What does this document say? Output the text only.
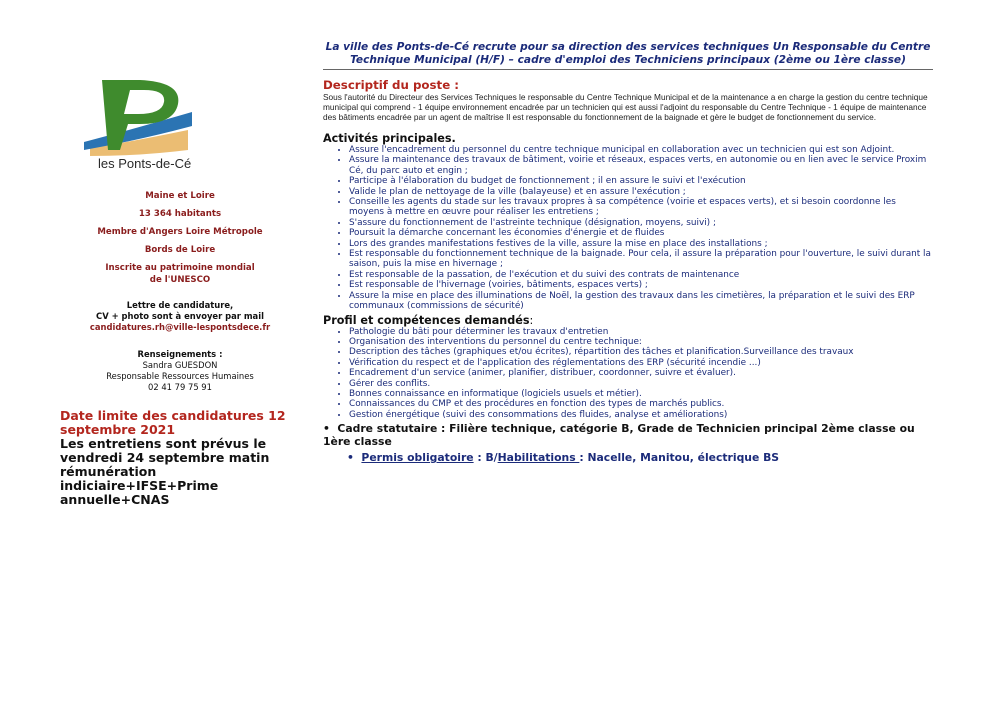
les Ponts-de-Cé
Maine et Loire
13 364 habitants
Membre d'Angers Loire Métropole
Bords de Loire
Inscrite au patrimoine mondial de l'UNESCO
Lettre de candidature,
CV + photo sont à envoyer par mail
candidatures.rh@ville-lespontsdece.fr
Renseignements :
Sandra GUESDON
Responsable Ressources Humaines
02 41 79 75 91
Date limite des candidatures 12 septembre 2021
Les entretiens sont prévus le vendredi 24 septembre matin rémunération indiciaire+IFSE+Prime annuelle+CNAS
La ville des Ponts-de-Cé recrute pour sa direction des services techniques Un Responsable du Centre Technique Municipal (H/F) – cadre d'emploi des Techniciens principaux (2ème ou 1ère classe)
Descriptif du poste :
Sous l'autorité du Directeur des Services Techniques le responsable du Centre Technique Municipal et de la maintenance a en charge la gestion du centre technique municipal qui comprend - 1 équipe environnement encadrée par un technicien qui est aussi l'adjoint du responsable du Centre Technique - 1 équipe de maintenance des bâtiments encadrée par un agent de maîtrise Il est responsable du fonctionnement de la baignade et gère le budget de fonctionnement du service.
Activités principales.
• Assure l'encadrement du personnel du centre technique municipal en collaboration avec un technicien qui est son Adjoint.
• Assure la maintenance des travaux de bâtiment, voirie et réseaux, espaces verts, en autonomie ou en lien avec le service Proxim Cé, du parc auto et engin ;
• Participe à l'élaboration du budget de fonctionnement ; il en assure le suivi et l'exécution
• Valide le plan de nettoyage de la ville (balayeuse) et en assure l'exécution ;
• Conseille les agents du stade sur les travaux propres à sa compétence (voirie et espaces verts), et si besoin coordonne les moyens à mettre en œuvre pour réaliser les entretiens ;
• S'assure du fonctionnement de l'astreinte technique (désignation, moyens, suivi) ;
• Poursuit la démarche concernant les économies d'énergie et de fluides
• Lors des grandes manifestations festives de la ville, assure la mise en place des installations ;
• Est responsable du fonctionnement technique de la baignade. Pour cela, il assure la préparation pour l'ouverture, le suivi durant la saison, puis la mise en hivernage ;
• Est responsable de la passation, de l'exécution et du suivi des contrats de maintenance
• Est responsable de l'hivernage (voiries, bâtiments, espaces verts) ;
• Assure la mise en place des illuminations de Noël, la gestion des travaux dans les cimetières, la préparation et le suivi des ERP communaux (commissions de sécurité)
Profil et compétences demandés:
• Pathologie du bâti pour déterminer les travaux d'entretien
• Organisation des interventions du personnel du centre technique:
• Description des tâches (graphiques et/ou écrites), répartition des tâches et planification.Surveillance des travaux
• Vérification du respect et de l'application des réglementations des ERP (sécurité incendie ...)
• Encadrement d'un service (animer, planifier, distribuer, coordonner, suivre et évaluer).
• Gérer des conflits.
• Bonnes connaissance en informatique (logiciels usuels et métier).
• Connaissances du CMP et des procédures en fonction des types de marchés publics.
• Gestion énergétique (suivi des consommations des fluides, analyse et améliorations)
•  Cadre statutaire : Filière technique, catégorie B, Grade de Technicien principal 2ème classe ou 1ère classe
•  Permis obligatoire : B/Habilitations : Nacelle, Manitou, électrique BS
